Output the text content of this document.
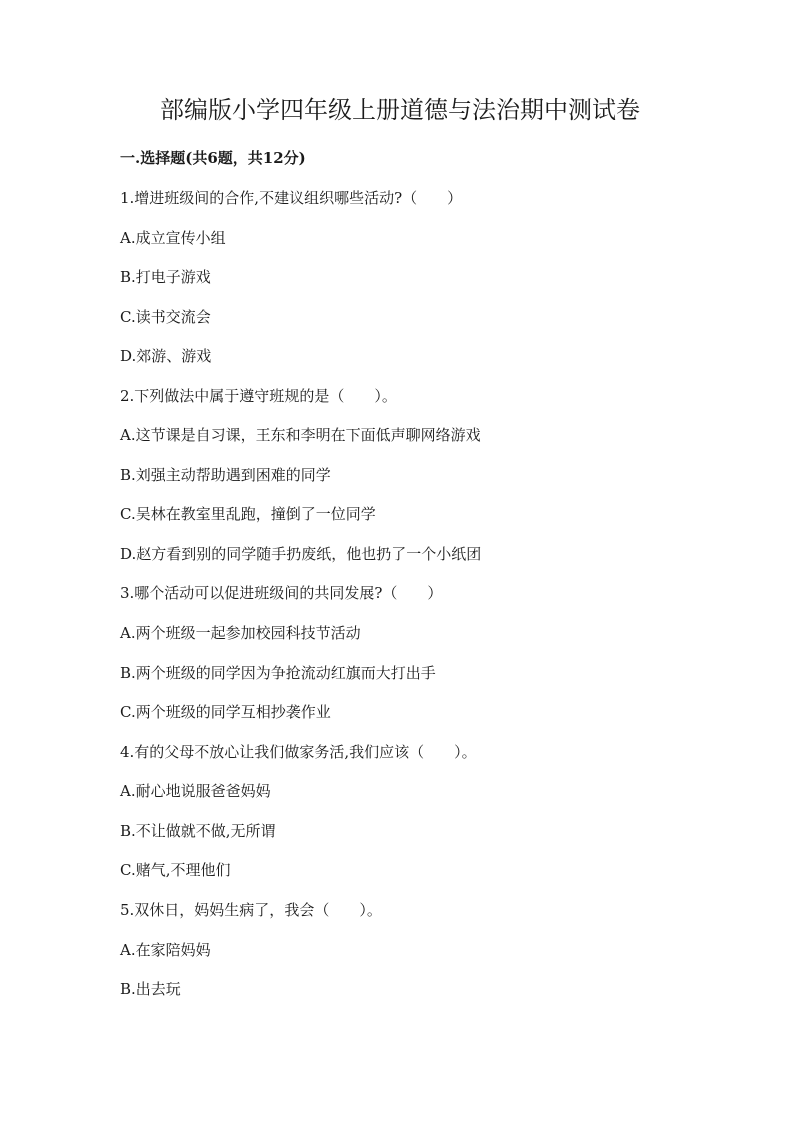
部编版小学四年级上册道德与法治期中测试卷
一.选择题(共6题，共12分)

1.增进班级间的合作,不建议组织哪些活动?（　　）

A.成立宣传小组

B.打电子游戏

C.读书交流会

D.郊游、游戏

2.下列做法中属于遵守班规的是（　　）。

A.这节课是自习课，王东和李明在下面低声聊网络游戏

B.刘强主动帮助遇到困难的同学

C.吴林在教室里乱跑，撞倒了一位同学

D.赵方看到别的同学随手扔废纸，他也扔了一个小纸团

3.哪个活动可以促进班级间的共同发展?（　　）

A.两个班级一起参加校园科技节活动

B.两个班级的同学因为争抢流动红旗而大打出手

C.两个班级的同学互相抄袭作业

4.有的父母不放心让我们做家务活,我们应该（　　）。

A.耐心地说服爸爸妈妈

B.不让做就不做,无所谓

C.赌气,不理他们

5.双休日，妈妈生病了，我会（　　）。

A.在家陪妈妈

B.出去玩
